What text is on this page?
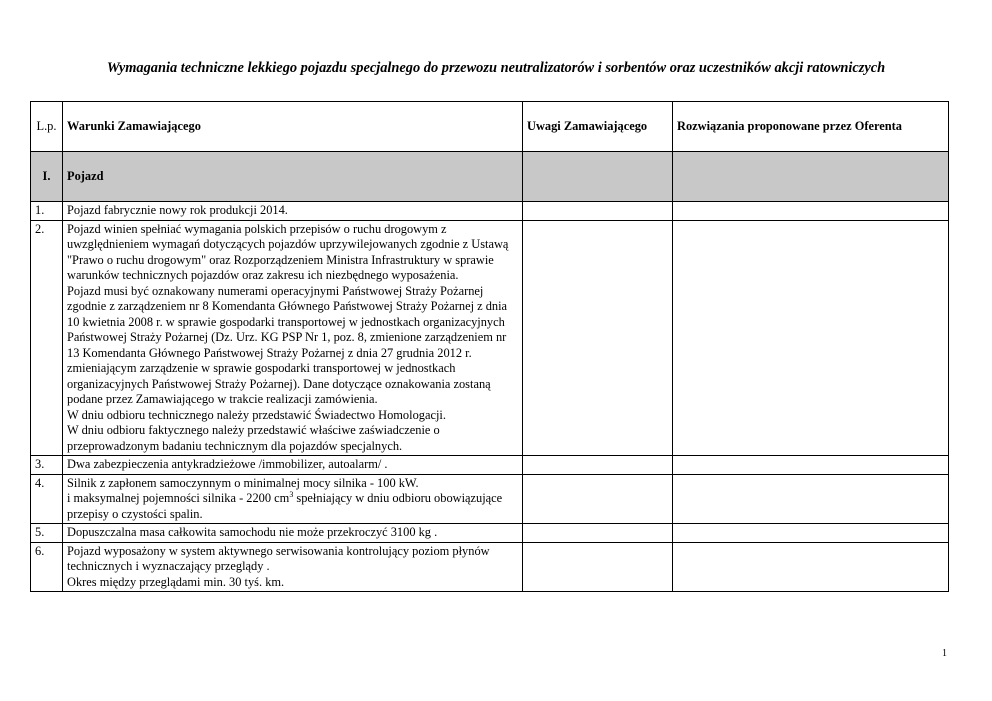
Wymagania techniczne lekkiego pojazdu specjalnego do przewozu neutralizatorów i sorbentów oraz uczestników akcji ratowniczych
L.p.	Warunki Zamawiającego	Uwagi Zamawiającego	Rozwiązania proponowane przez Oferenta
I.	Pojazd		
1.	Pojazd fabrycznie nowy rok produkcji 2014.		

2.	Pojazd winien spełniać wymagania polskich przepisów o ruchu drogowym z uwzględnieniem wymagań dotyczących pojazdów uprzywilejowanych zgodnie z Ustawą "Prawo o ruchu drogowym" oraz Rozporządzeniem Ministra Infrastruktury w sprawie warunków technicznych pojazdów oraz zakresu ich niezbędnego wyposażenia.
Pojazd musi być oznakowany numerami operacyjnymi Państwowej Straży Pożarnej zgodnie z zarządzeniem nr 8 Komendanta Głównego Państwowej Straży Pożarnej z dnia 10 kwietnia 2008 r. w sprawie gospodarki transportowej w jednostkach organizacyjnych Państwowej Straży Pożarnej (Dz. Urz. KG PSP Nr 1, poz. 8, zmienione zarządzeniem nr 13 Komendanta Głównego Państwowej Straży Pożarnej z dnia 27 grudnia 2012 r. zmieniającym zarządzenie w sprawie gospodarki transportowej w jednostkach organizacyjnych Państwowej Straży Pożarnej). Dane dotyczące oznakowania zostaną podane przez Zamawiającego w trakcie realizacji zamówienia.
W dniu odbioru technicznego należy przedstawić Świadectwo Homologacji.
W dniu odbioru faktycznego należy przedstawić właściwe zaświadczenie o przeprowadzonym badaniu technicznym dla pojazdów specjalnych.		

3.	Dwa zabezpieczenia antykradzieżowe /immobilizer, autoalarm/ .		

4.	Silnik z zapłonem samoczynnym o minimalnej mocy silnika - 100 kW.
i maksymalnej pojemności silnika - 2200 $cm^3$ spełniający w dniu odbioru obowiązujące przepisy o czystości spalin.		

5.	Dopuszczalna masa całkowita samochodu nie może przekroczyć 3100 kg .		

6.	Pojazd wyposażony w system aktywnego serwisowania kontrolujący poziom płynów technicznych i wyznaczający przeglądy .
Okres między przeglądami min. 30 tyś. km.		

1
